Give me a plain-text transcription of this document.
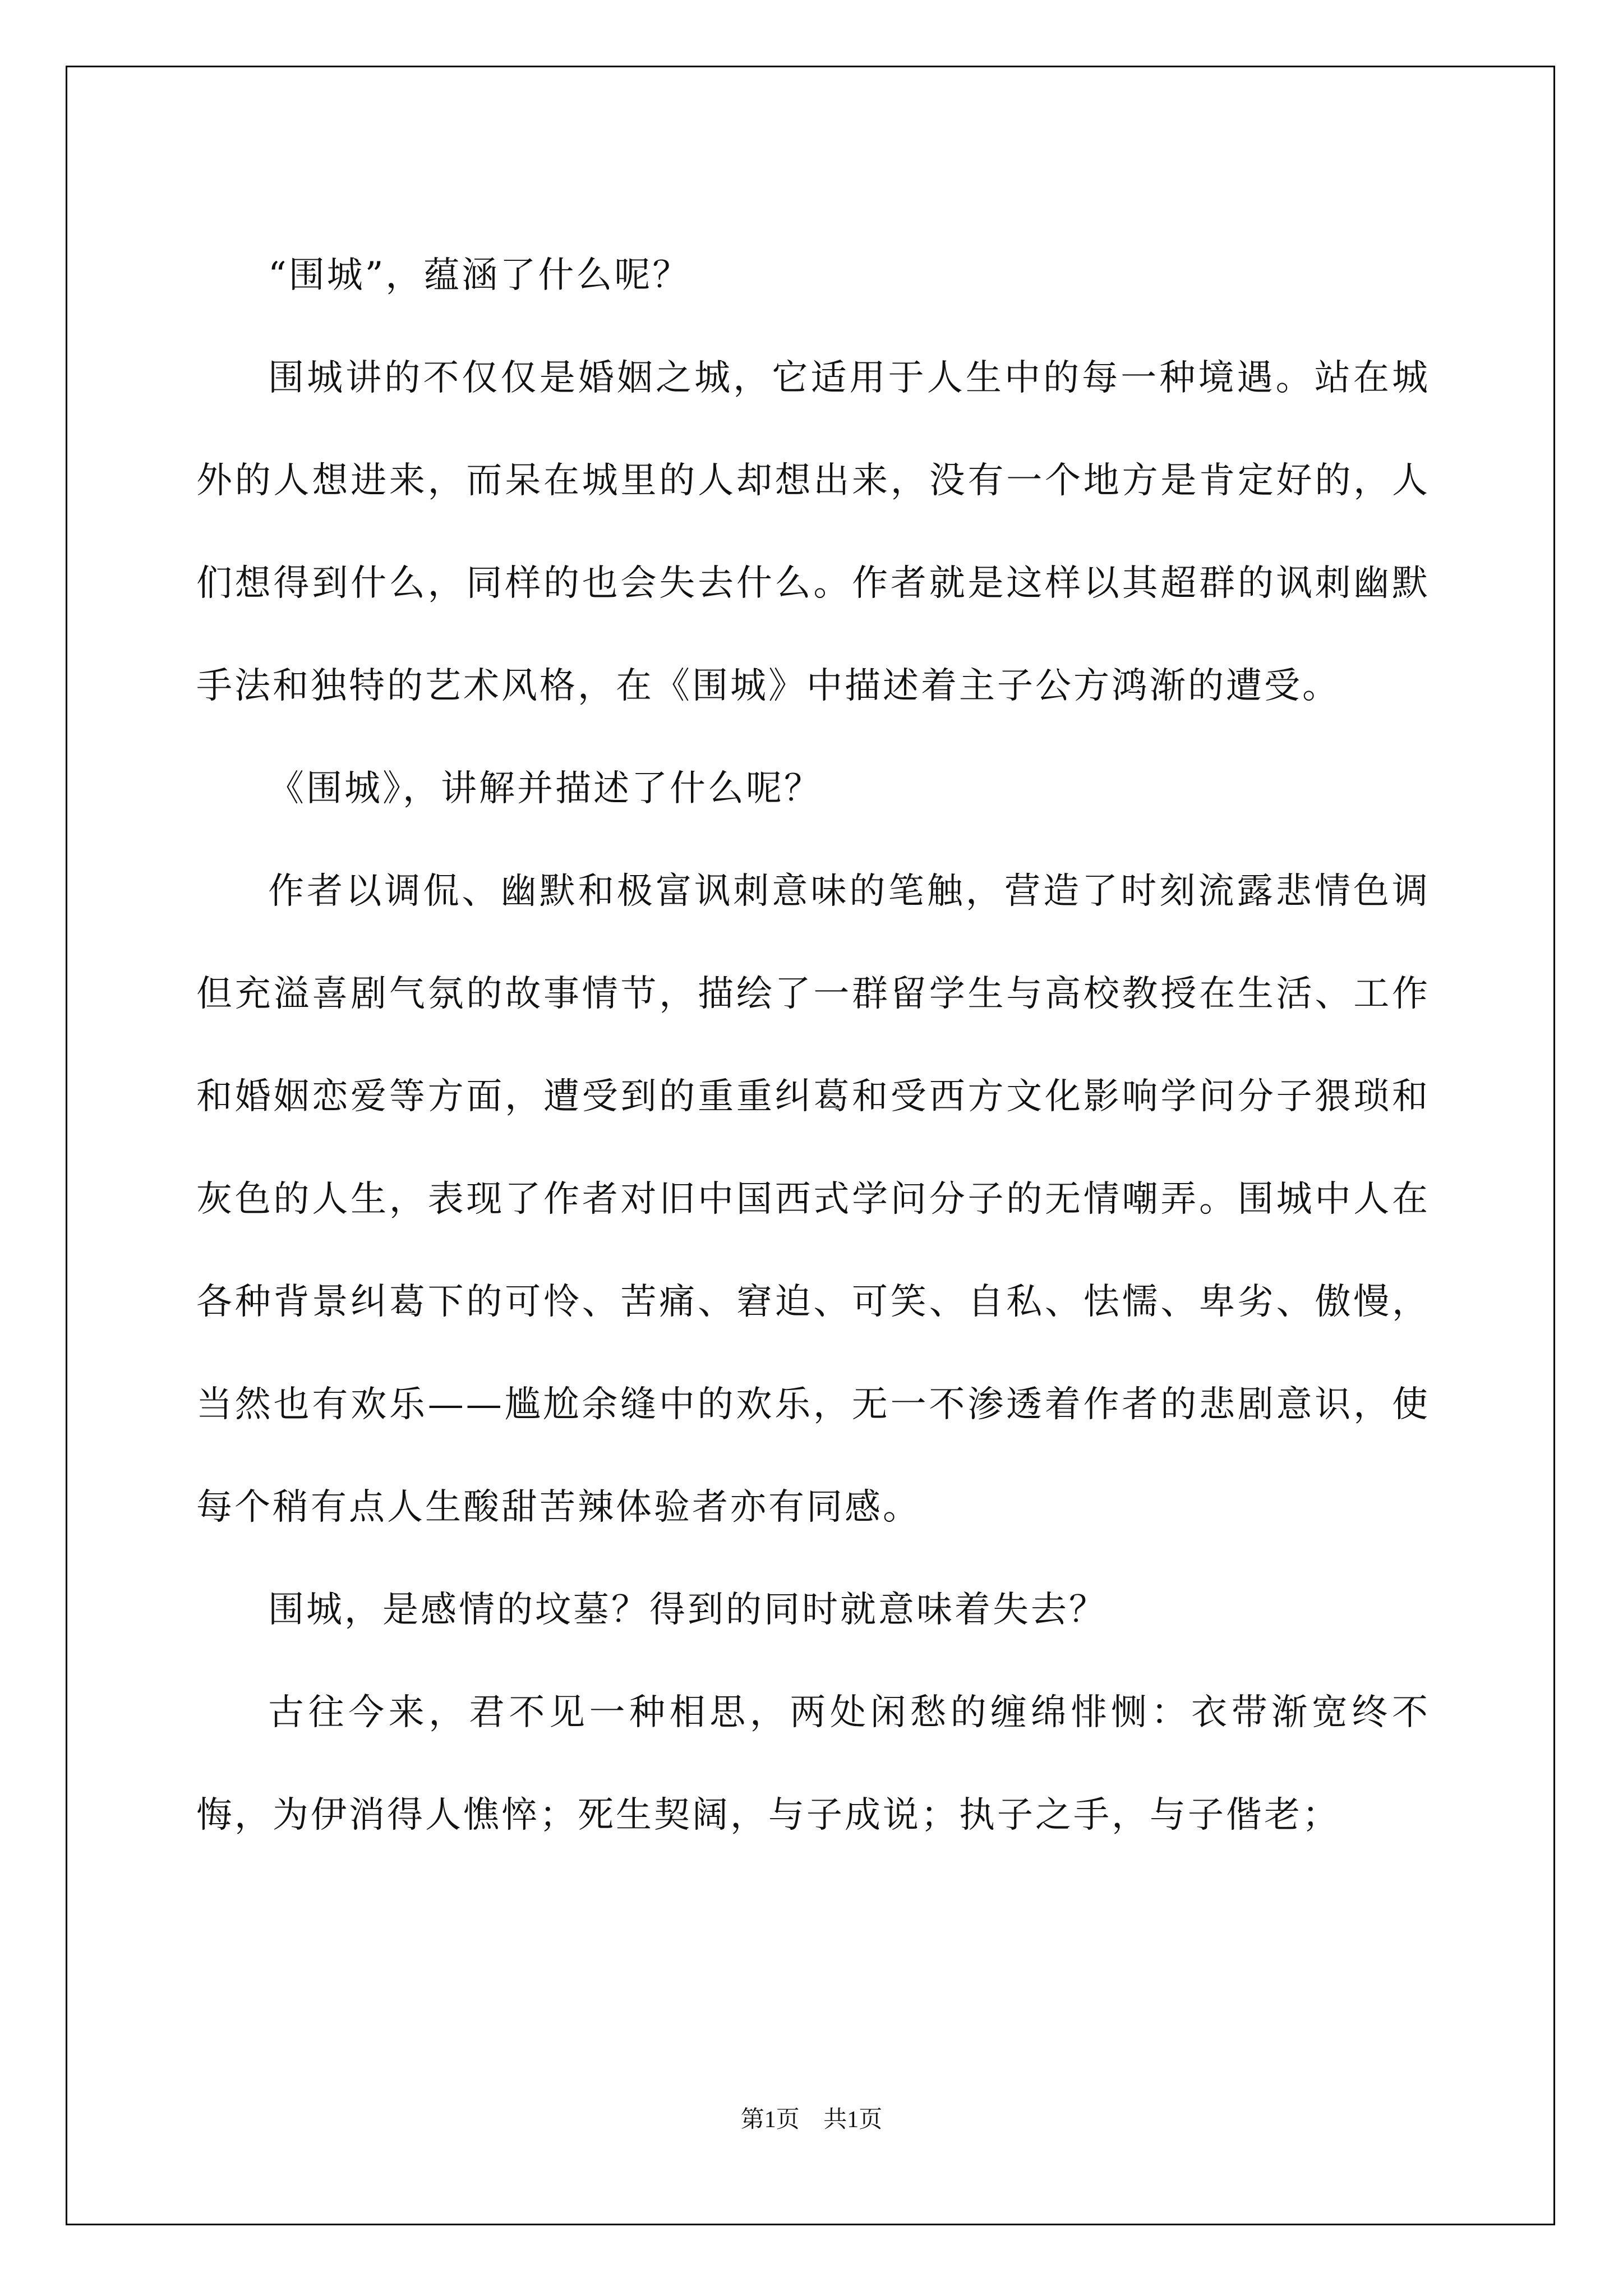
“围城”，蕴涵了什么呢？

围城讲的不仅仅是婚姻之城，它适用于人生中的每一种境遇。站在城外的人想进来，而呆在城里的人却想出来，没有一个地方是肯定好的，人们想得到什么，同样的也会失去什么。作者就是这样以其超群的讽刺幽默手法和独特的艺术风格，在《围城》中描述着主子公方鸿渐的遭受。

《围城》，讲解并描述了什么呢？

作者以调侃、幽默和极富讽刺意味的笔触，营造了时刻流露悲情色调但充溢喜剧气氛的故事情节，描绘了一群留学生与高校教授在生活、工作和婚姻恋爱等方面，遭受到的重重纠葛和受西方文化影响学问分子猥琐和灰色的人生，表现了作者对旧中国西式学问分子的无情嘲弄。围城中人在各种背景纠葛下的可怜、苦痛、窘迫、可笑、自私、怯懦、卑劣、傲慢，当然也有欢乐——尴尬余缝中的欢乐，无一不渗透着作者的悲剧意识，使每个稍有点人生酸甜苦辣体验者亦有同感。

围城，是感情的坟墓？得到的同时就意味着失去？

古往今来，君不见一种相思，两处闲愁的缠绵悱恻：衣带渐宽终不悔，为伊消得人憔悴；死生契阔，与子成说；执子之手，与子偕老；

第1页 共1页
